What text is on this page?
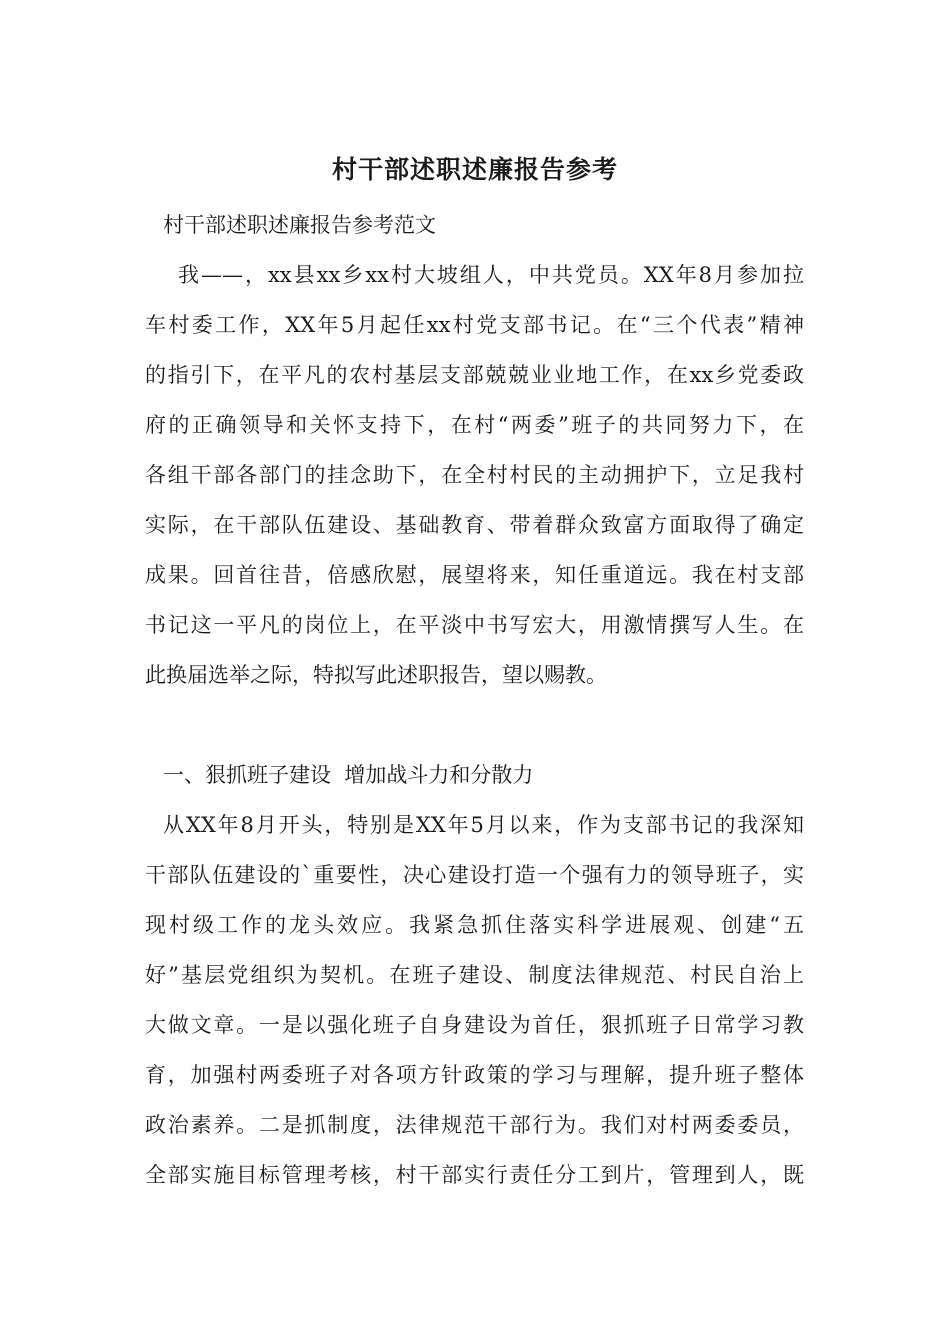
村干部述职述廉报告参考
村干部述职述廉报告参考范文
我——，xx县xx乡xx村大坡组人，中共党员。XX年8月参加拉
车村委工作，XX年5月起任xx村党支部书记。在“三个代表”精神
的指引下，在平凡的农村基层支部兢兢业业地工作，在xx乡党委政
府的正确领导和关怀支持下，在村“两委”班子的共同努力下，在
各组干部各部门的挂念助下，在全村村民的主动拥护下，立足我村
实际，在干部队伍建设、基础教育、带着群众致富方面取得了确定
成果。回首往昔，倍感欣慰，展望将来，知任重道远。我在村支部
书记这一平凡的岗位上，在平淡中书写宏大，用激情撰写人生。在
此换届选举之际，特拟写此述职报告，望以赐教。
一、狠抓班子建设  增加战斗力和分散力
从XX年8月开头，特别是XX年5月以来，作为支部书记的我深知
干部队伍建设的`重要性，决心建设打造一个强有力的领导班子，实
现村级工作的龙头效应。我紧急抓住落实科学进展观、创建“五
好”基层党组织为契机。在班子建设、制度法律规范、村民自治上
大做文章。一是以强化班子自身建设为首任，狠抓班子日常学习教
育，加强村两委班子对各项方针政策的学习与理解，提升班子整体
政治素养。二是抓制度，法律规范干部行为。我们对村两委委员，
全部实施目标管理考核，村干部实行责任分工到片，管理到人，既
